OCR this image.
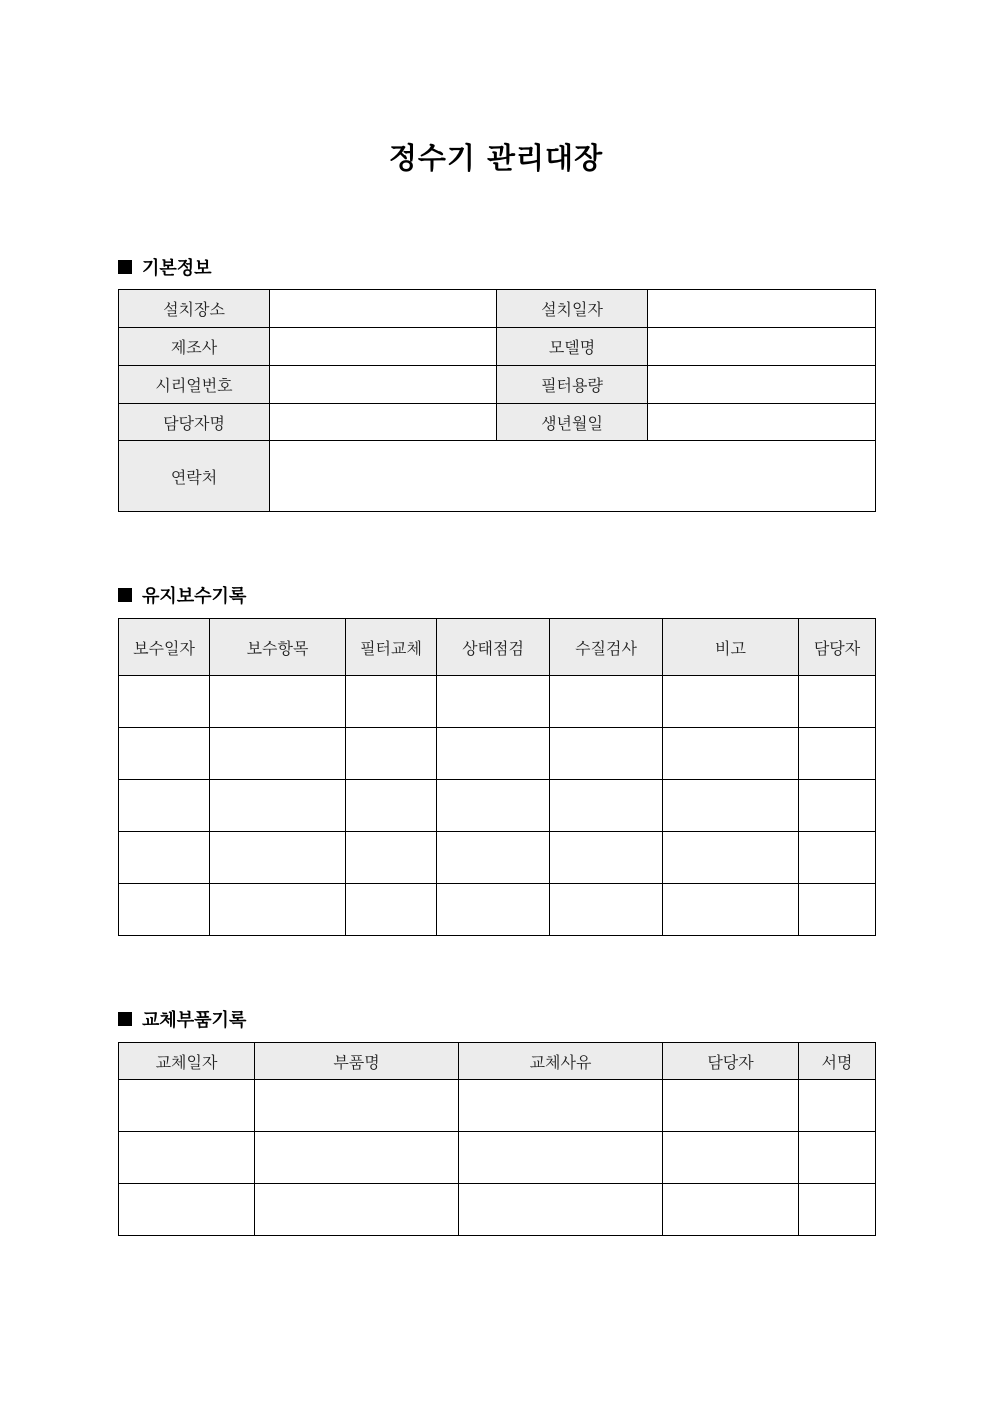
정수기 관리대장
기본정보
설치장소		설치일자	
제조사		모델명	
시리얼번호		필터용량	
담당자명		생년월일	
연락처			
유지보수기록
보수일자	보수항목	필터교체	상태점검	수질검사	비고	담당자

교체부품기록
교체일자	부품명	교체사유	담당자	서명
